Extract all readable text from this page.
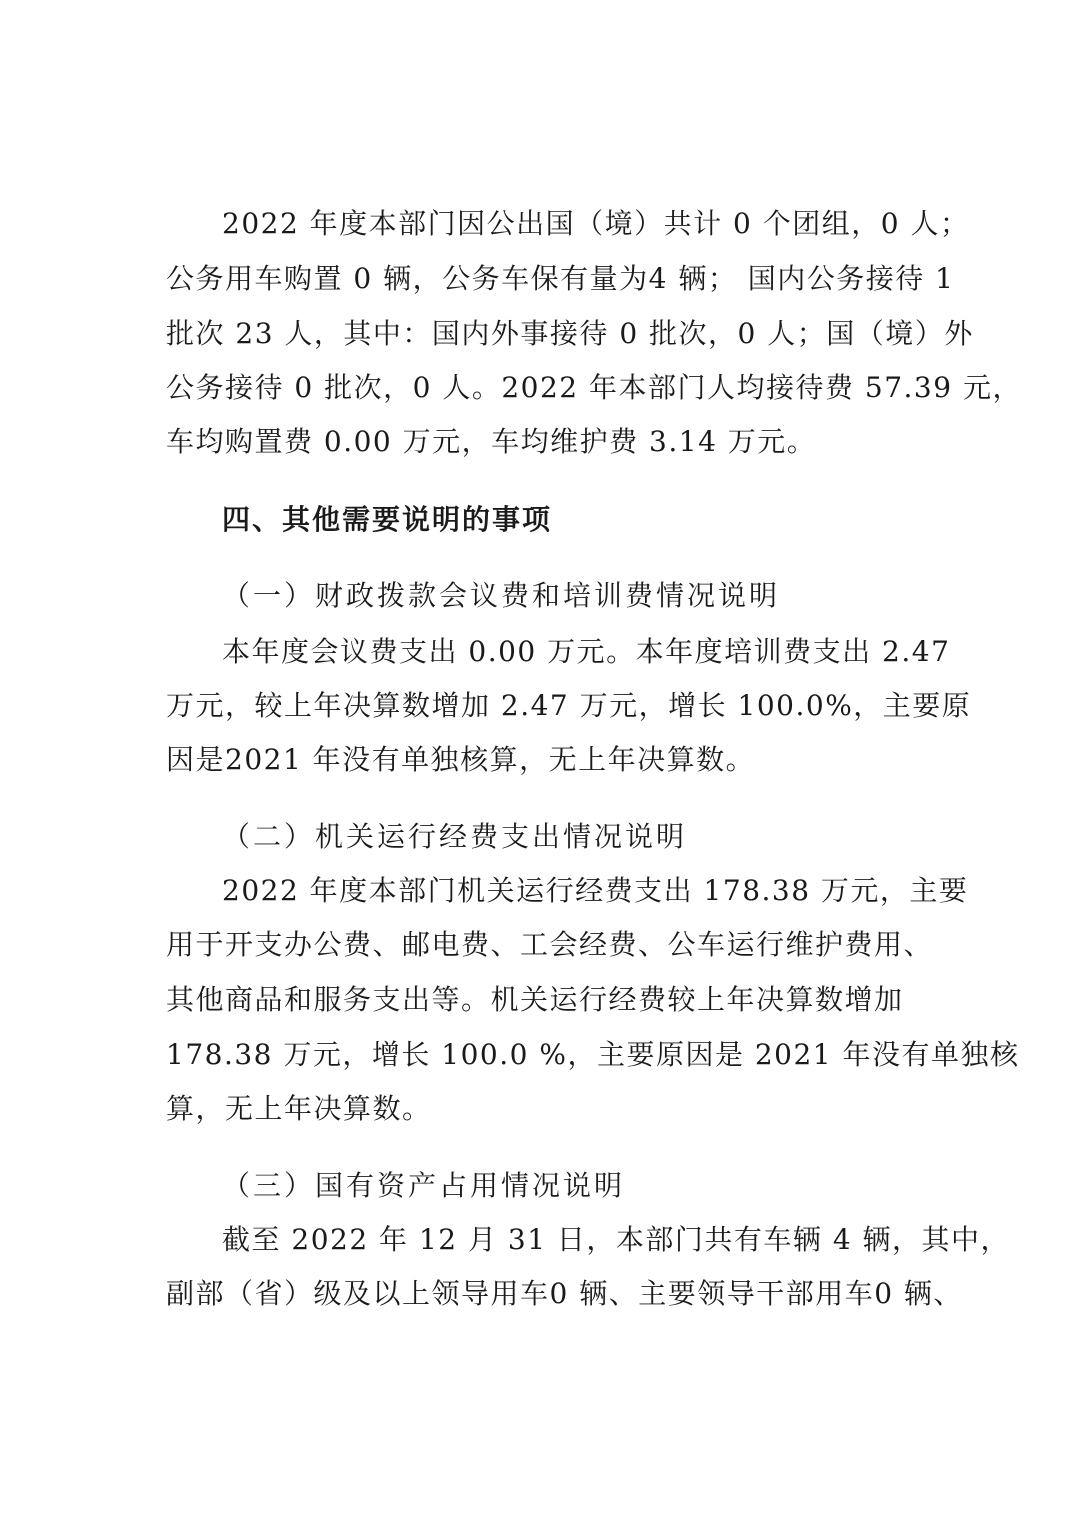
2022 年度本部门因公出国（境）共计 0 个团组，0 人；
公务用车购置 0 辆，公务车保有量为4 辆； 国内公务接待 1
批次 23 人，其中：国内外事接待 0 批次，0 人；国（境）外
公务接待 0 批次，0 人。2022 年本部门人均接待费 57.39 元，
车均购置费 0.00 万元，车均维护费 3.14 万元。
四、其他需要说明的事项
（一）财政拨款会议费和培训费情况说明
本年度会议费支出 0.00 万元。本年度培训费支出 2.47
万元，较上年决算数增加 2.47 万元，增长 100.0%，主要原
因是2021 年没有单独核算，无上年决算数。
（二）机关运行经费支出情况说明
2022 年度本部门机关运行经费支出 178.38 万元，主要
用于开支办公费、邮电费、工会经费、公车运行维护费用、
其他商品和服务支出等。机关运行经费较上年决算数增加
178.38 万元，增长 100.0 %，主要原因是 2021 年没有单独核
算，无上年决算数。
（三）国有资产占用情况说明
截至 2022 年 12 月 31 日，本部门共有车辆 4 辆，其中，
副部（省）级及以上领导用车0 辆、主要领导干部用车0 辆、
